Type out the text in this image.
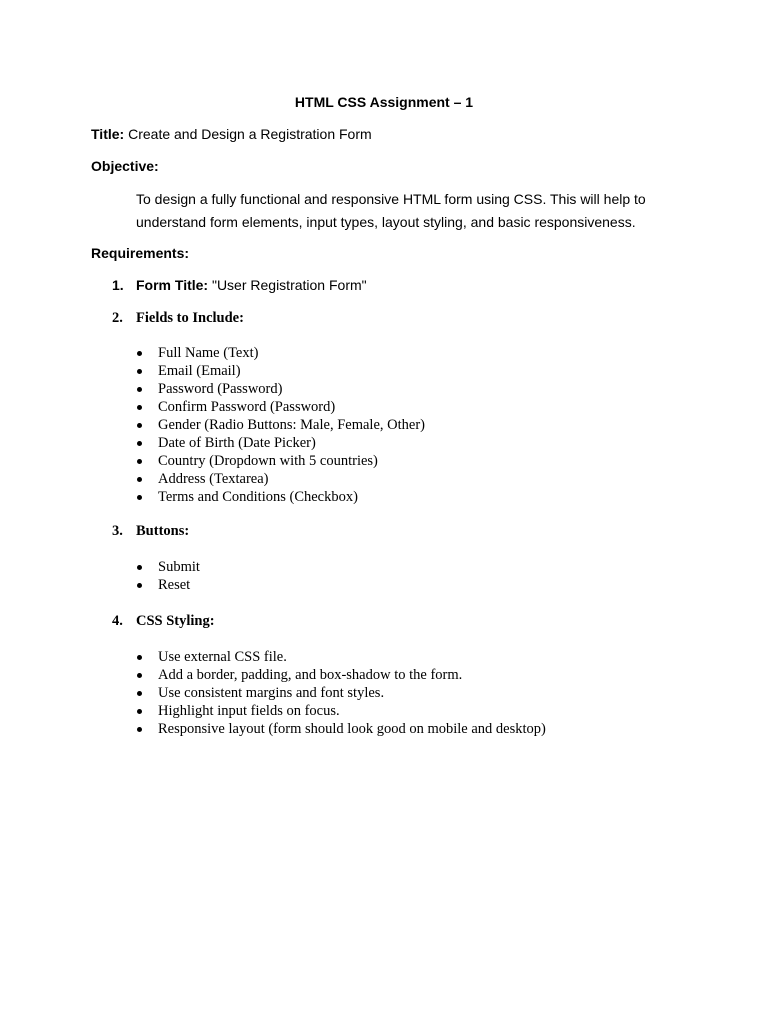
HTML CSS Assignment – 1
Title: Create and Design a Registration Form
Objective:
To design a fully functional and responsive HTML form using CSS. This will help to understand form elements, input types, layout styling, and basic responsiveness.
Requirements:
1. Form Title: "User Registration Form"
2. Fields to Include:
Full Name (Text)
Email (Email)
Password (Password)
Confirm Password (Password)
Gender (Radio Buttons: Male, Female, Other)
Date of Birth (Date Picker)
Country (Dropdown with 5 countries)
Address (Textarea)
Terms and Conditions (Checkbox)
3. Buttons:
Submit
Reset
4. CSS Styling:
Use external CSS file.
Add a border, padding, and box-shadow to the form.
Use consistent margins and font styles.
Highlight input fields on focus.
Responsive layout (form should look good on mobile and desktop)
